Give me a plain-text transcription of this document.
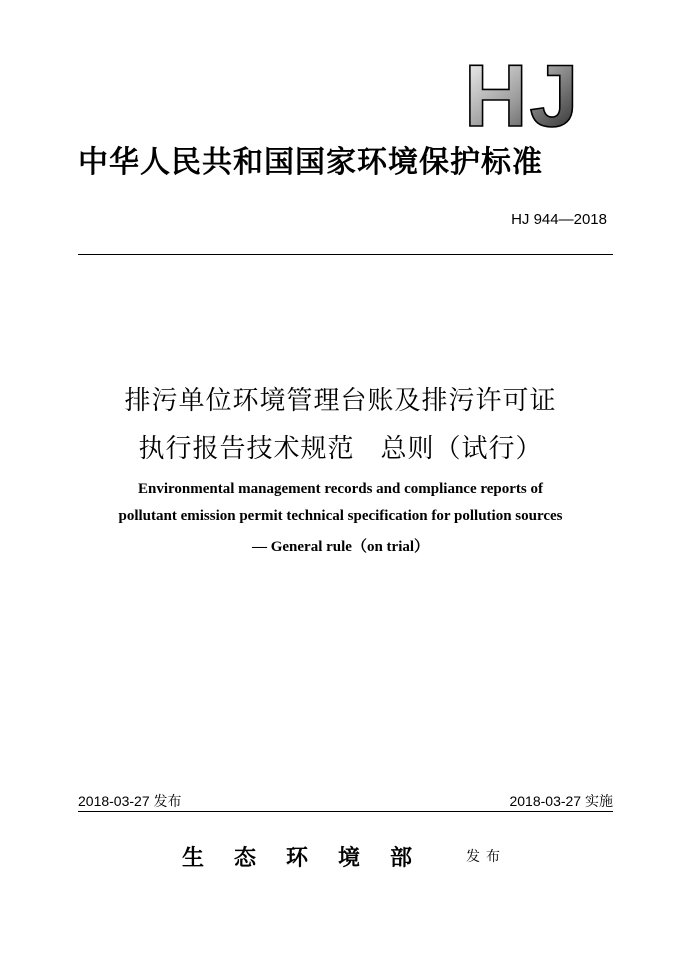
HJ
中华人民共和国国家环境保护标准
HJ 944—2018
排污单位环境管理台账及排污许可证
执行报告技术规范 总则（试行）
Environmental management records and compliance reports of
pollutant emission permit technical specification for pollution sources
— General rule（on trial）
2018-03-27 发布	2018-03-27 实施
生态环境部 发布
